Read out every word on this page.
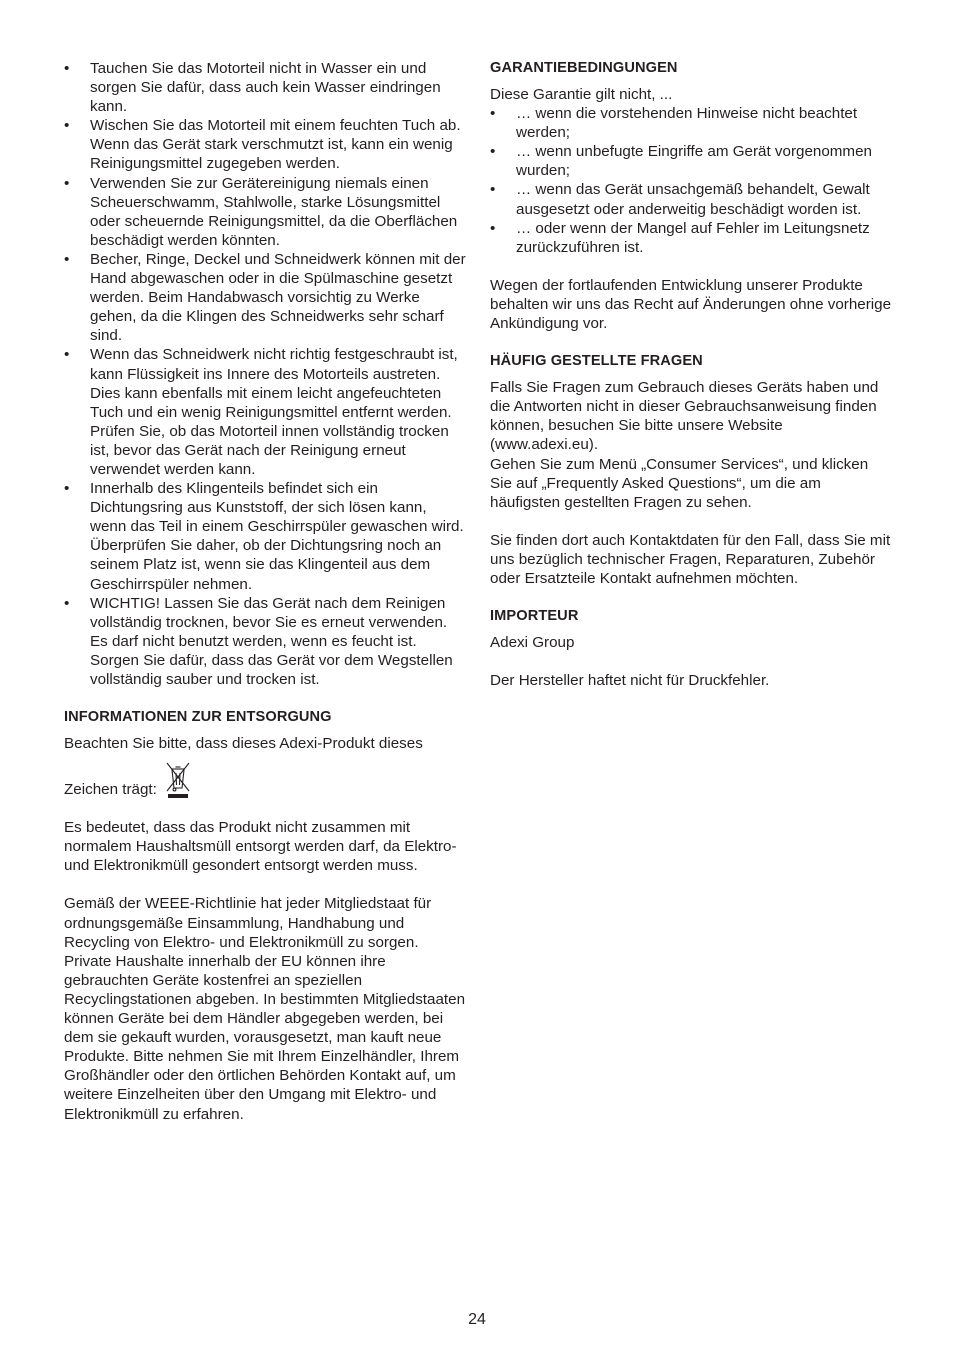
• Tauchen Sie das Motorteil nicht in Wasser ein und sorgen Sie dafür, dass auch kein Wasser eindringen kann.
• Wischen Sie das Motorteil mit einem feuchten Tuch ab. Wenn das Gerät stark verschmutzt ist, kann ein wenig Reinigungsmittel zugegeben werden.
• Verwenden Sie zur Gerätereinigung niemals einen Scheuerschwamm, Stahlwolle, starke Lösungsmittel oder scheuernde Reinigungsmittel, da die Oberflächen beschädigt werden könnten.
• Becher, Ringe, Deckel und Schneidwerk können mit der Hand abgewaschen oder in die Spülmaschine gesetzt werden. Beim Handabwasch vorsichtig zu Werke gehen, da die Klingen des Schneidwerks sehr scharf sind.
• Wenn das Schneidwerk nicht richtig festgeschraubt ist, kann Flüssigkeit ins Innere des Motorteils austreten. Dies kann ebenfalls mit einem leicht angefeuchteten Tuch und ein wenig Reinigungsmittel entfernt werden. Prüfen Sie, ob das Motorteil innen vollständig trocken ist, bevor das Gerät nach der Reinigung erneut verwendet werden kann.
• Innerhalb des Klingenteils befindet sich ein Dichtungsring aus Kunststoff, der sich lösen kann, wenn das Teil in einem Geschirrspüler gewaschen wird. Überprüfen Sie daher, ob der Dichtungsring noch an seinem Platz ist, wenn sie das Klingenteil aus dem Geschirrspüler nehmen.
• WICHTIG! Lassen Sie das Gerät nach dem Reinigen vollständig trocknen, bevor Sie es erneut verwenden. Es darf nicht benutzt werden, wenn es feucht ist. Sorgen Sie dafür, dass das Gerät vor dem Wegstellen vollständig sauber und trocken ist.
INFORMATIONEN ZUR ENTSORGUNG

Beachten Sie bitte, dass dieses Adexi-Produkt dieses

Zeichen trägt:

Es bedeutet, dass das Produkt nicht zusammen mit normalem Haushaltsmüll entsorgt werden darf, da Elektro- und Elektronikmüll gesondert entsorgt werden muss.

Gemäß der WEEE-Richtlinie hat jeder Mitgliedstaat für ordnungsgemäße Einsammlung, Handhabung und Recycling von Elektro- und Elektronikmüll zu sorgen. Private Haushalte innerhalb der EU können ihre gebrauchten Geräte kostenfrei an speziellen Recyclingstationen abgeben. In bestimmten Mitgliedstaaten können Geräte bei dem Händler abgegeben werden, bei dem sie gekauft wurden, vorausgesetzt, man kauft neue Produkte. Bitte nehmen Sie mit Ihrem Einzelhändler, Ihrem Großhändler oder den örtlichen Behörden Kontakt auf, um weitere Einzelheiten über den Umgang mit Elektro- und Elektronikmüll zu erfahren.

GARANTIEBEDINGUNGEN

Diese Garantie gilt nicht, ...

• … wenn die vorstehenden Hinweise nicht beachtet werden;
• … wenn unbefugte Eingriffe am Gerät vorgenommen wurden;
• … wenn das Gerät unsachgemäß behandelt, Gewalt ausgesetzt oder anderweitig beschädigt worden ist.
• … oder wenn der Mangel auf Fehler im Leitungsnetz zurückzuführen ist.

Wegen der fortlaufenden Entwicklung unserer Produkte behalten wir uns das Recht auf Änderungen ohne vorherige Ankündigung vor.

HÄUFIG GESTELLTE FRAGEN

Falls Sie Fragen zum Gebrauch dieses Geräts haben und die Antworten nicht in dieser Gebrauchsanweisung finden können, besuchen Sie bitte unsere Website (www.adexi.eu).

Gehen Sie zum Menü „Consumer Services“, und klicken Sie auf „Frequently Asked Questions“, um die am häufigsten gestellten Fragen zu sehen.

Sie finden dort auch Kontaktdaten für den Fall, dass Sie mit uns bezüglich technischer Fragen, Reparaturen, Zubehör oder Ersatzteile Kontakt aufnehmen möchten.

IMPORTEUR

Adexi Group

Der Hersteller haftet nicht für Druckfehler.

24
